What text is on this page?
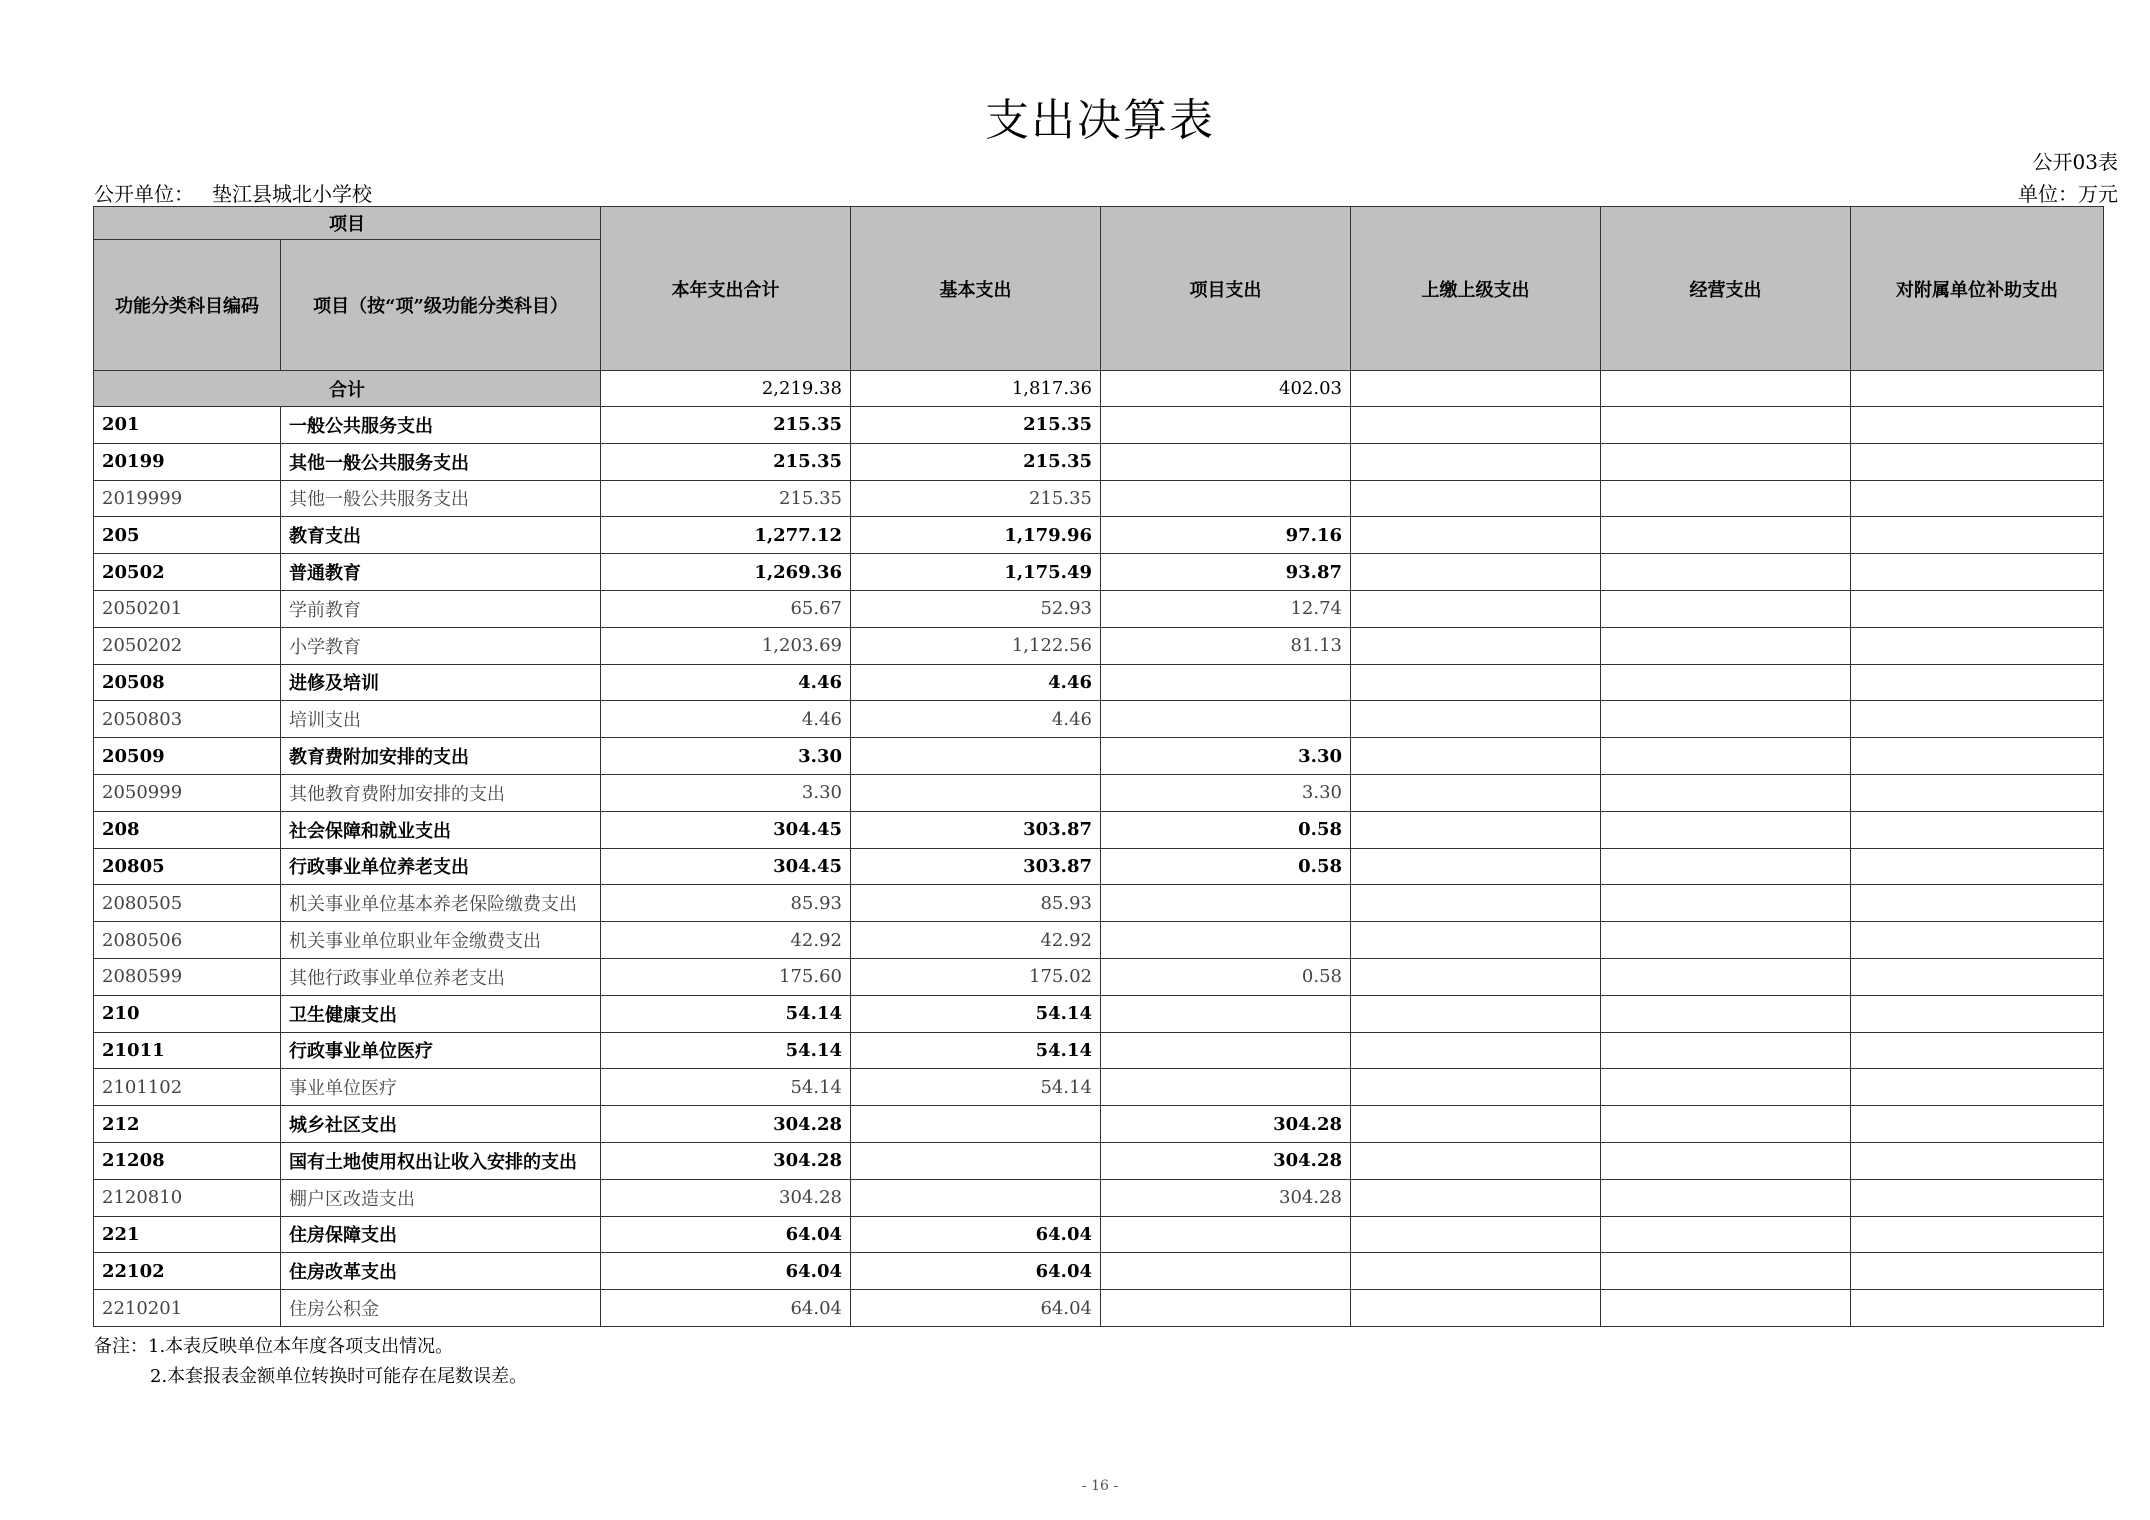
支出决算表
公开03表
公开单位： 垫江县城北小学校	单位：万元
项目		本年支出合计	基本支出	项目支出	上缴上级支出	经营支出	对附属单位补助支出
功能分类科目编码	项目（按“项”级功能分类科目）						
合计		2,219.38	1,817.36	402.03			
201	一般公共服务支出	215.35	215.35				
20199	其他一般公共服务支出	215.35	215.35				
2019999	其他一般公共服务支出	215.35	215.35				
205	教育支出	1,277.12	1,179.96	97.16			
20502	普通教育	1,269.36	1,175.49	93.87			
2050201	学前教育	65.67	52.93	12.74			
2050202	小学教育	1,203.69	1,122.56	81.13			
20508	进修及培训	4.46	4.46				
2050803	培训支出	4.46	4.46				
20509	教育费附加安排的支出	3.30		3.30			
2050999	其他教育费附加安排的支出	3.30		3.30			
208	社会保障和就业支出	304.45	303.87	0.58			
20805	行政事业单位养老支出	304.45	303.87	0.58			
2080505	机关事业单位基本养老保险缴费支出	85.93	85.93				
2080506	机关事业单位职业年金缴费支出	42.92	42.92				
2080599	其他行政事业单位养老支出	175.60	175.02	0.58			
210	卫生健康支出	54.14	54.14				
21011	行政事业单位医疗	54.14	54.14				
2101102	事业单位医疗	54.14	54.14				
212	城乡社区支出	304.28		304.28			
21208	国有土地使用权出让收入安排的支出	304.28		304.28			
2120810	棚户区改造支出	304.28		304.28			
221	住房保障支出	64.04	64.04				
22102	住房改革支出	64.04	64.04				
2210201	住房公积金	64.04	64.04				
备注：1.本表反映单位本年度各项支出情况。
2.本套报表金额单位转换时可能存在尾数误差。
- 16 -
